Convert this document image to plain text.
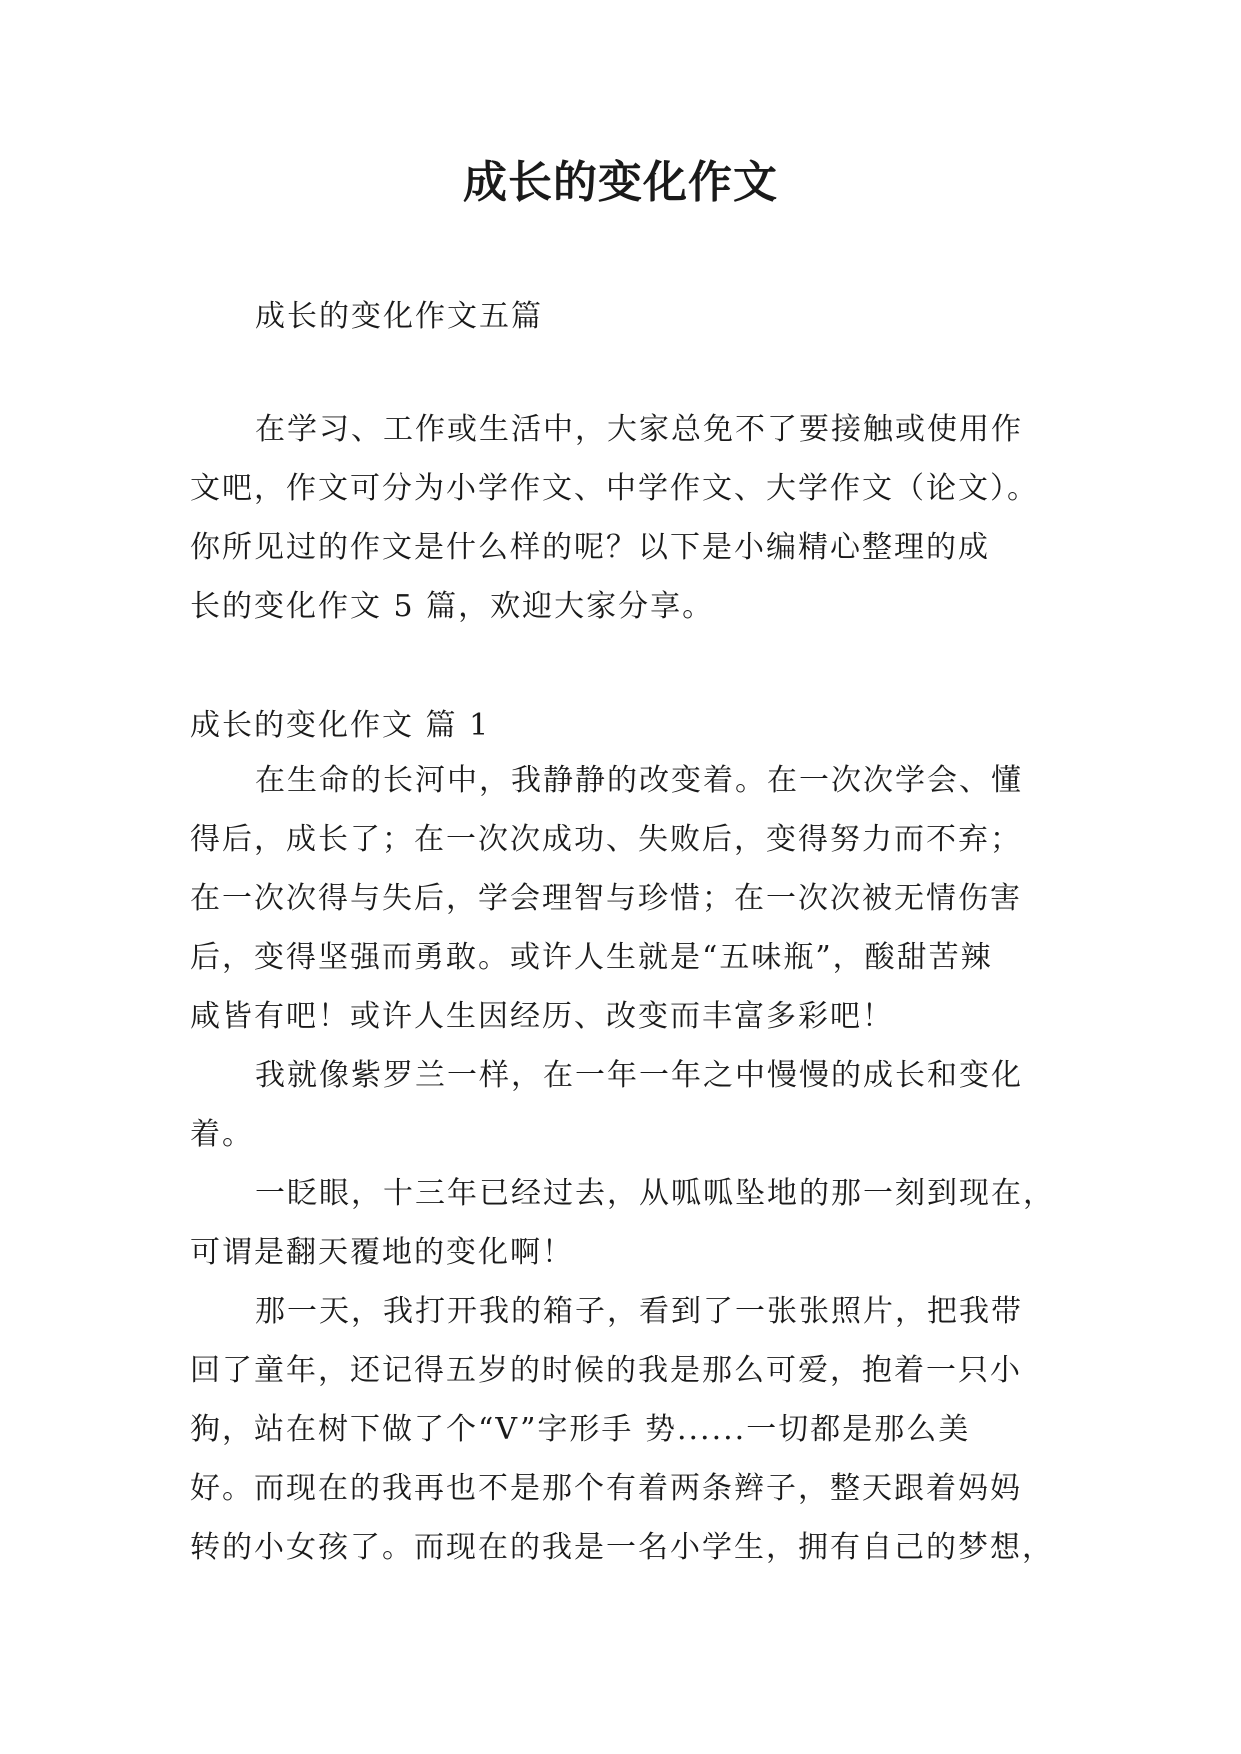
成长的变化作文
成长的变化作文五篇
在学习、工作或生活中，大家总免不了要接触或使用作
文吧，作文可分为小学作文、中学作文、大学作文（论文）。
你所见过的作文是什么样的呢？以下是小编精心整理的成
长的变化作文 5 篇，欢迎大家分享。
成长的变化作文 篇 1
在生命的长河中，我静静的改变着。在一次次学会、懂
得后，成长了；在一次次成功、失败后，变得努力而不弃；
在一次次得与失后，学会理智与珍惜；在一次次被无情伤害
后，变得坚强而勇敢。或许人生就是“五味瓶”，酸甜苦辣
咸皆有吧！或许人生因经历、改变而丰富多彩吧！
我就像紫罗兰一样，在一年一年之中慢慢的成长和变化
着。
一眨眼，十三年已经过去，从呱呱坠地的那一刻到现在，
可谓是翻天覆地的变化啊！
那一天，我打开我的箱子，看到了一张张照片，把我带
回了童年，还记得五岁的时候的我是那么可爱，抱着一只小
狗，站在树下做了个“V”字形手 势......一切都是那么美
好。而现在的我再也不是那个有着两条辫子，整天跟着妈妈
转的小女孩了。而现在的我是一名小学生，拥有自己的梦想，
